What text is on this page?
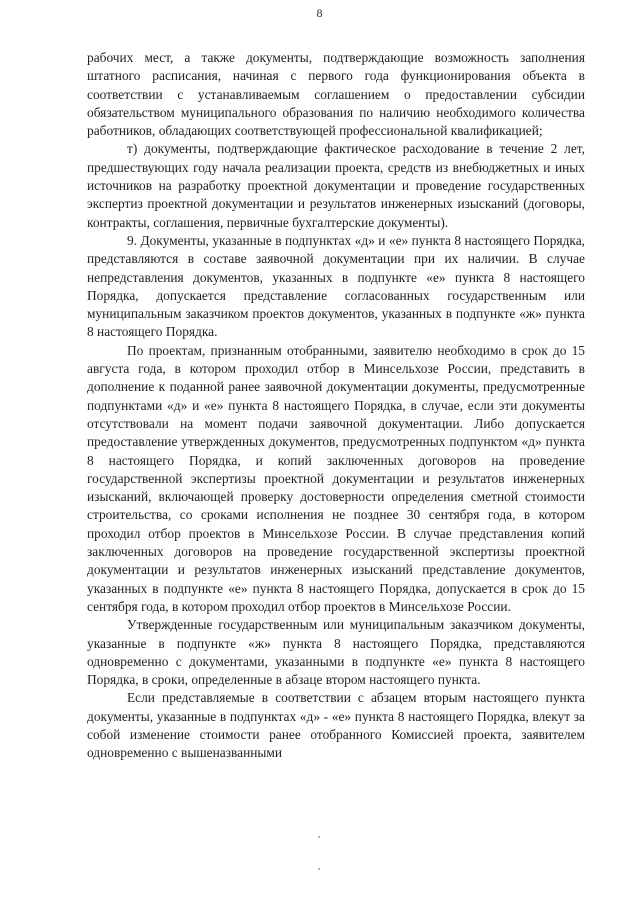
8

рабочих мест, а также документы, подтверждающие возможность заполнения штатного расписания, начиная с первого года функционирования объекта в соответствии с устанавливаемым соглашением о предоставлении субсидии обязательством муниципального образования по наличию необходимого количества работников, обладающих соответствующей профессиональной квалификацией;

т) документы, подтверждающие фактическое расходование в течение 2 лет, предшествующих году начала реализации проекта, средств из внебюджетных и иных источников на разработку проектной документации и проведение государственных экспертиз проектной документации и результатов инженерных изысканий (договоры, контракты, соглашения, первичные бухгалтерские документы).

9. Документы, указанные в подпунктах «д» и «е» пункта 8 настоящего Порядка, представляются в составе заявочной документации при их наличии. В случае непредставления документов, указанных в подпункте «е» пункта 8 настоящего Порядка, допускается представление согласованных государственным или муниципальным заказчиком проектов документов, указанных в подпункте «ж» пункта 8 настоящего Порядка.

По проектам, признанным отобранными, заявителю необходимо в срок до 15 августа года, в котором проходил отбор в Минсельхозе России, представить в дополнение к поданной ранее заявочной документации документы, предусмотренные подпунктами «д» и «е» пункта 8 настоящего Порядка, в случае, если эти документы отсутствовали на момент подачи заявочной документации. Либо допускается предоставление утвержденных документов, предусмотренных подпунктом «д» пункта 8 настоящего Порядка, и копий заключенных договоров на проведение государственной экспертизы проектной документации и результатов инженерных изысканий, включающей проверку достоверности определения сметной стоимости строительства, со сроками исполнения не позднее 30 сентября года, в котором проходил отбор проектов в Минсельхозе России. В случае представления копий заключенных договоров на проведение государственной экспертизы проектной документации и результатов инженерных изысканий представление документов, указанных в подпункте «е» пункта 8 настоящего Порядка, допускается в срок до 15 сентября года, в котором проходил отбор проектов в Минсельхозе России.

Утвержденные государственным или муниципальным заказчиком документы, указанные в подпункте «ж» пункта 8 настоящего Порядка, представляются одновременно с документами, указанными в подпункте «е» пункта 8 настоящего Порядка, в сроки, определенные в абзаце втором настоящего пункта.

Если представляемые в соответствии с абзацем вторым настоящего пункта документы, указанные в подпунктах «д» - «е» пункта 8 настоящего Порядка, влекут за собой изменение стоимости ранее отобранного Комиссией проекта, заявителем одновременно с вышеназванными
